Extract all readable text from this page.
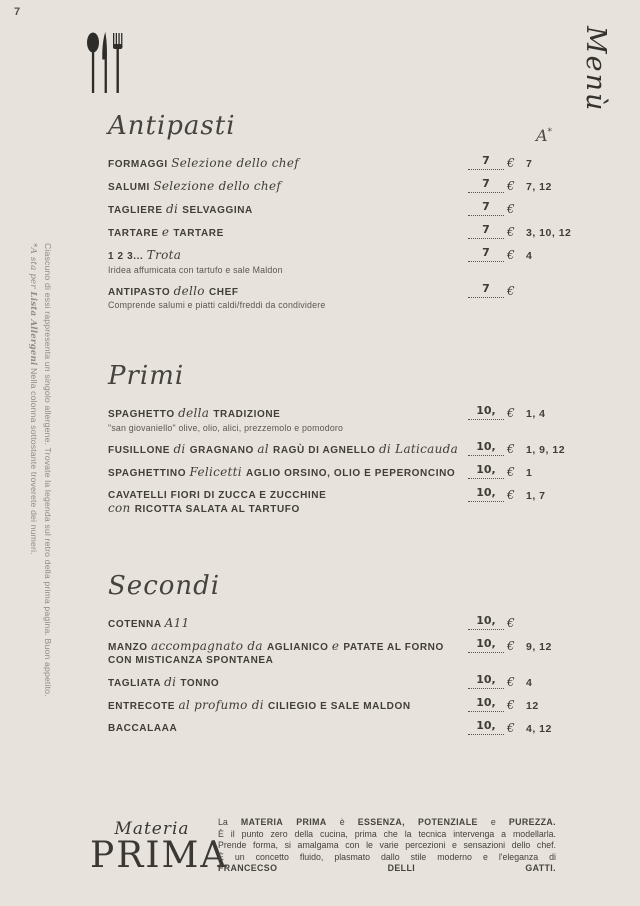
7
Menù
*A sta per Lista Allergeni Nella colonna sottostante troverete dei numeri. Ciascuno di essi rappresenta un singolo allergene. Trovate la legenda sul retro della prima pagina. Buon appetito.
A*
Antipasti
FORMAGGI Selezione dello chef	7 €	7
SALUMI Selezione dello chef	7 €	7, 12
TAGLIERE di SELVAGGINA	7 €
TARTARE e TARTARE	7 €	3, 10, 12
1 2 3... Trota
Iridea affumicata con tartufo e sale Maldon
7 €	4
ANTIPASTO dello CHEF
Comprende salumi e piatti caldi/freddi da condividere
7 €
Primi
SPAGHETTO della TRADIZIONE
"san giovaniello" olive, olio, alici, prezzemolo e pomodoro
10, €	1, 4
FUSILLONE di GRAGNANO al RAGÙ DI AGNELLO di Laticauda 10, €	1, 9, 12
SPAGHETTINO Felicetti AGLIO ORSINO, OLIO E PEPERONCINO 10, €	1
CAVATELLI FIORI DI ZUCCA E ZUCCHINE
con RICOTTA SALATA AL TARTUFO
10, €	1, 7
Secondi
COTENNA A11	10, €
MANZO accompagnato da AGLIANICO e PATATE AL FORNO
CON MISTICANZA SPONTANEA
10, €	9, 12
TAGLIATA di TONNO	10, €	4
ENTRECOTE al profumo di CILIEGIO E SALE MALDON	10, €	12
BACCALAAA	10, €	4, 12
Materia
PRIMA
La MATERIA PRIMA è ESSENZA, POTENZIALE e PUREZZA.
È il punto zero della cucina, prima che la tecnica intervenga a modellarla.
Prende forma, si amalgama con le varie percezioni e sensazioni dello chef.
È un concetto fluido, plasmato dallo stile moderno e l'eleganza di
FRANCECSO DELLI GATTI.
